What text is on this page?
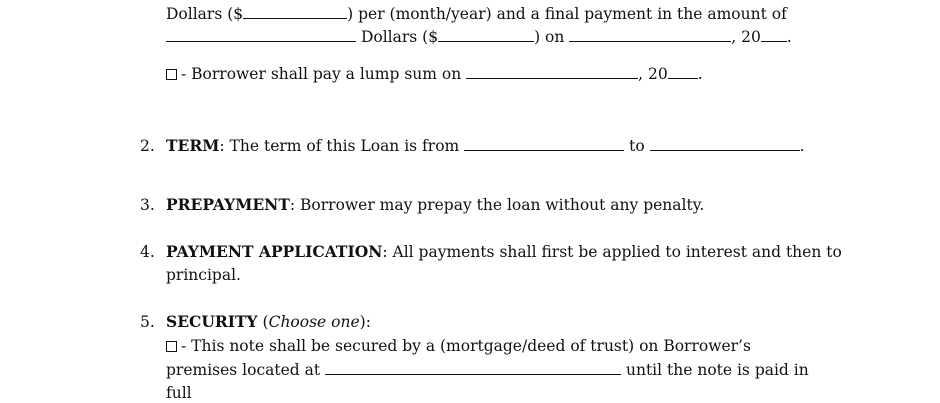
Dollars ($	) per (month/year) and a final payment in the amount of
Dollars ($	) on	, 20 .
- Borrower shall pay a lump sum on	, 20 .
2. TERM: The term of this Loan is from	to	.
3. PREPAYMENT: Borrower may prepay the loan without any penalty.
4. PAYMENT APPLICATION: All payments shall first be applied to interest and then to
principal.
5. SECURITY (Choose one):
- This note shall be secured by a (mortgage/deed of trust) on Borrower’s
premises located at	until the note is paid in
full
